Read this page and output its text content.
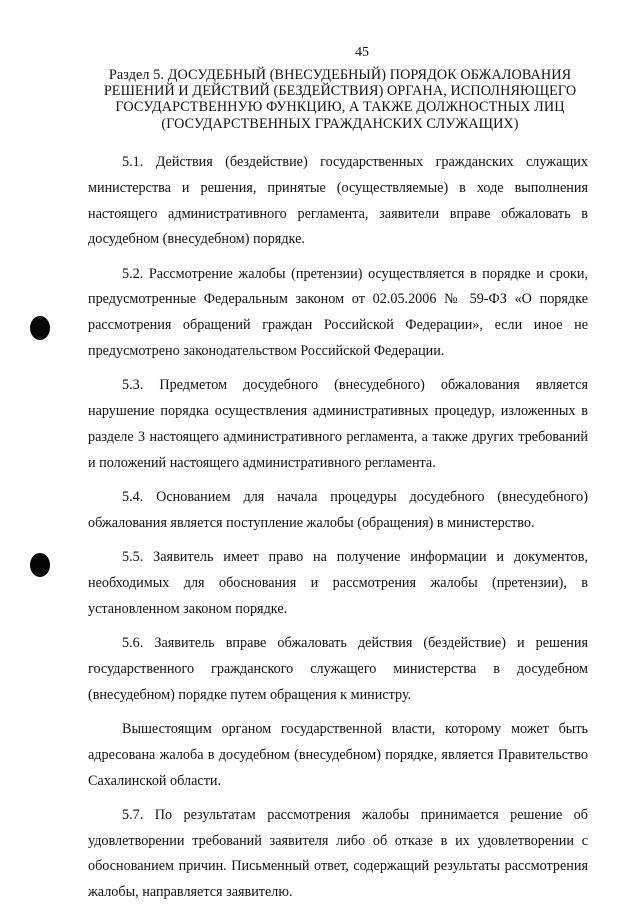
45
Раздел 5. ДОСУДЕБНЫЙ (ВНЕСУДЕБНЫЙ) ПОРЯДОК ОБЖАЛОВАНИЯ РЕШЕНИЙ И ДЕЙСТВИЙ (БЕЗДЕЙСТВИЯ) ОРГАНА, ИСПОЛНЯЮЩЕГО ГОСУДАРСТВЕННУЮ ФУНКЦИЮ, А ТАКЖЕ ДОЛЖНОСТНЫХ ЛИЦ (ГОСУДАРСТВЕННЫХ ГРАЖДАНСКИХ СЛУЖАЩИХ)

5.1. Действия (бездействие) государственных гражданских служащих министерства и решения, принятые (осуществляемые) в ходе выполнения настоящего административного регламента, заявители вправе обжаловать в досудебном (внесудебном) порядке.

5.2. Рассмотрение жалобы (претензии) осуществляется в порядке и сроки, предусмотренные Федеральным законом от 02.05.2006 № 59-ФЗ «О порядке рассмотрения обращений граждан Российской Федерации», если иное не предусмотрено законодательством Российской Федерации.

5.3. Предметом досудебного (внесудебного) обжалования является нарушение порядка осуществления административных процедур, изложенных в разделе 3 настоящего административного регламента, а также других требований и положений настоящего административного регламента.

5.4. Основанием для начала процедуры досудебного (внесудебного) обжалования является поступление жалобы (обращения) в министерство.

5.5. Заявитель имеет право на получение информации и документов, необходимых для обоснования и рассмотрения жалобы (претензии), в установленном законом порядке.

5.6. Заявитель вправе обжаловать действия (бездействие) и решения государственного гражданского служащего министерства в досудебном (внесудебном) порядке путем обращения к министру.

Вышестоящим органом государственной власти, которому может быть адресована жалоба в досудебном (внесудебном) порядке, является Правительство Сахалинской области.

5.7. По результатам рассмотрения жалобы принимается решение об удовлетворении требований заявителя либо об отказе в их удовлетворении с обоснованием причин. Письменный ответ, содержащий результаты рассмотрения жалобы, направляется заявителю.
